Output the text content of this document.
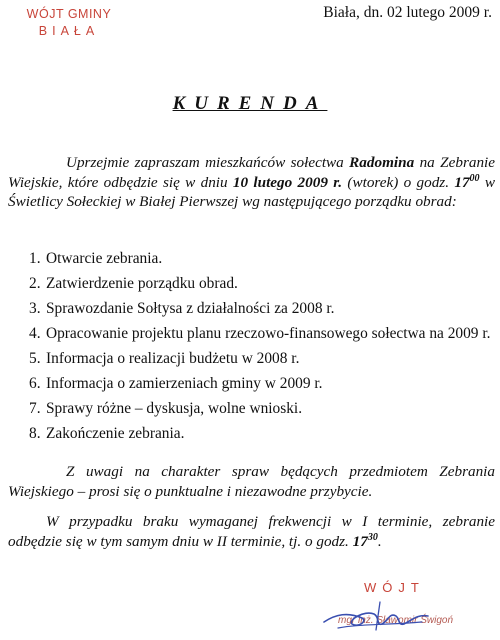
WÓJT GMINY
BIAŁA
Biała, dn. 02 lutego 2009 r.
KURENDA

Uprzejmie zapraszam mieszkańców sołectwa Radomina na Zebranie Wiejskie, które odbędzie się w dniu 10 lutego 2009 r. (wtorek) o godz. $17^{00}$ w Świetlicy Sołeckiej w Białej Pierwszej wg następującego porządku obrad:

1. Otwarcie zebrania.
2. Zatwierdzenie porządku obrad.
3. Sprawozdanie Sołtysa z działalności za 2008 r.
4. Opracowanie projektu planu rzeczowo-finansowego sołectwa na 2009 r.
5. Informacja o realizacji budżetu w 2008 r.
6. Informacja o zamierzeniach gminy w 2009 r.
7. Sprawy różne – dyskusja, wolne wnioski.
8. Zakończenie zebrania.

Z uwagi na charakter spraw będących przedmiotem Zebrania Wiejskiego – prosi się o punktualne i niezawodne przybycie.

W przypadku braku wymaganej frekwencji w I terminie, zebranie odbędzie się w tym samym dniu w II terminie, tj. o godz. $17^{30}$.

WÓJT
mgr inż. Sławomir Świgoń
